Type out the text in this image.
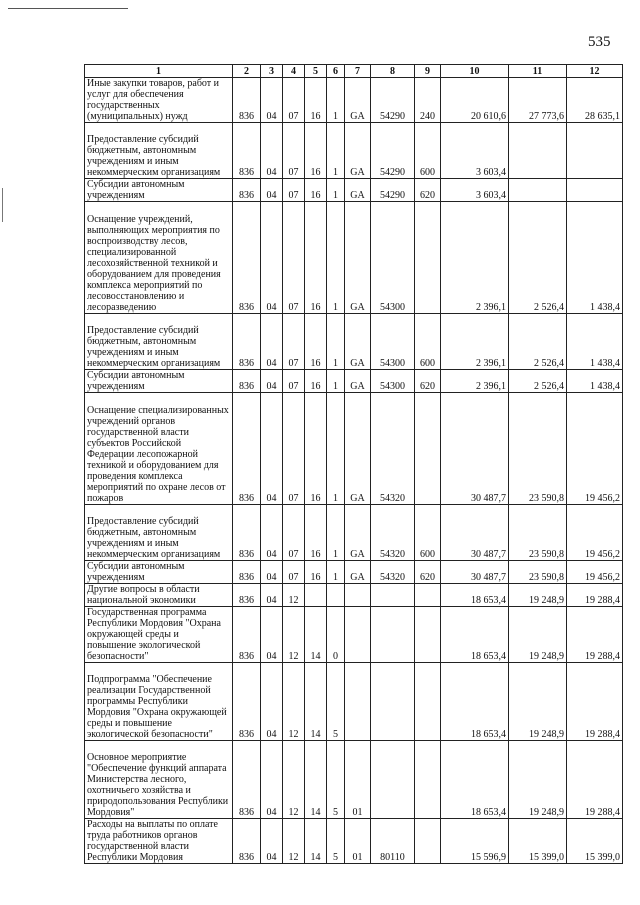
535
1	2	3	4	5	6	7	8	9	10	11	12
Иные закупки товаров, работ и услуг для обеспечения государственных (муниципальных) нужд	836	04	07	16	1	GA	54290	240	20 610,6	27 773,6	28 635,1
Предоставление субсидий бюджетным, автономным учреждениям и иным некоммерческим организациям	836	04	07	16	1	GA	54290	600	3 603,4		
Субсидии автономным учреждениям	836	04	07	16	1	GA	54290	620	3 603,4		
Оснащение учреждений, выполняющих мероприятия по воспроизводству лесов, специализированной лесохозяйственной техникой и оборудованием для проведения комплекса мероприятий по лесовосстановлению и лесоразведению	836	04	07	16	1	GA	54300		2 396,1	2 526,4	1 438,4
Предоставление субсидий бюджетным, автономным учреждениям и иным некоммерческим организациям	836	04	07	16	1	GA	54300	600	2 396,1	2 526,4	1 438,4
Субсидии автономным учреждениям	836	04	07	16	1	GA	54300	620	2 396,1	2 526,4	1 438,4
Оснащение специализированных учреждений органов государственной власти субъектов Российской Федерации лесопожарной техникой и оборудованием для проведения комплекса мероприятий по охране лесов от пожаров	836	04	07	16	1	GA	54320		30 487,7	23 590,8	19 456,2
Предоставление субсидий бюджетным, автономным учреждениям и иным некоммерческим организациям	836	04	07	16	1	GA	54320	600	30 487,7	23 590,8	19 456,2
Субсидии автономным учреждениям	836	04	07	16	1	GA	54320	620	30 487,7	23 590,8	19 456,2
Другие вопросы в области национальной экономики	836	04	12						18 653,4	19 248,9	19 288,4
Государственная программа Республики Мордовия "Охрана окружающей среды и повышение экологической безопасности"	836	04	12	14	0				18 653,4	19 248,9	19 288,4
Подпрограмма "Обеспечение реализации Государственной программы Республики Мордовия "Охрана окружающей среды и повышение экологической безопасности"	836	04	12	14	5				18 653,4	19 248,9	19 288,4
Основное мероприятие "Обеспечение функций аппарата Министерства лесного, охотничьего хозяйства и природопользования Республики Мордовия"	836	04	12	14	5	01			18 653,4	19 248,9	19 288,4
Расходы на выплаты по оплате труда работников органов государственной власти Республики Мордовия	836	04	12	14	5	01	80110		15 596,9	15 399,0	15 399,0
